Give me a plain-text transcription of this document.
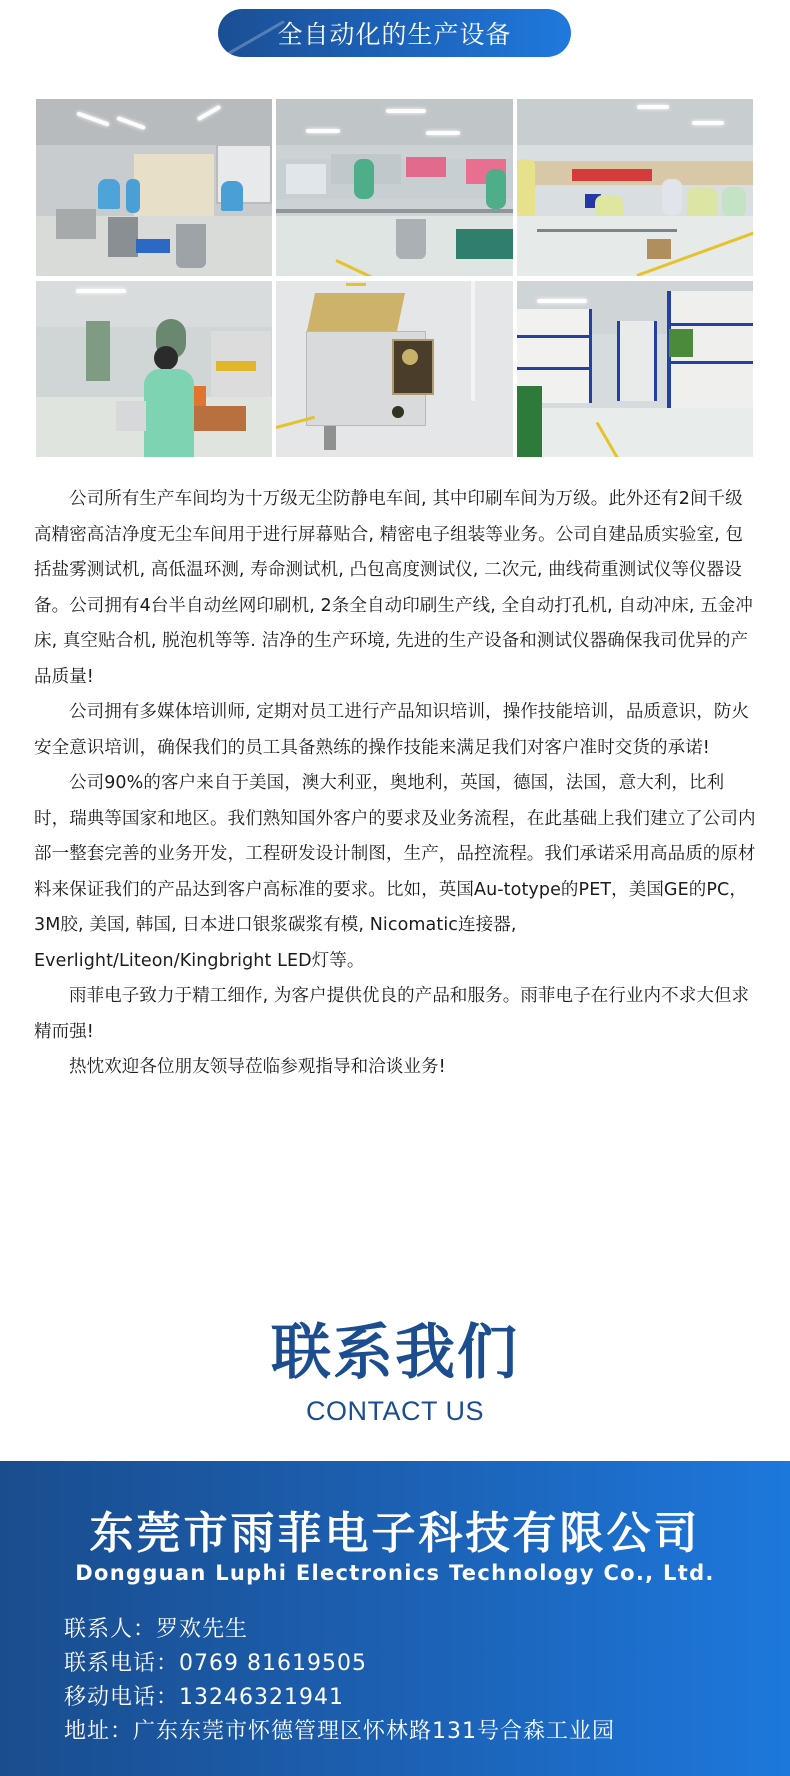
全自动化的生产设备

公司所有生产车间均为十万级无尘防静电车间, 其中印刷车间为万级。此外还有2间千级高精密高洁净度无尘车间用于进行屏幕贴合, 精密电子组装等业务。公司自建品质实验室, 包括盐雾测试机, 高低温环测, 寿命测试机, 凸包高度测试仪, 二次元, 曲线荷重测试仪等仪器设备。公司拥有4台半自动丝网印刷机, 2条全自动印刷生产线, 全自动打孔机, 自动冲床, 五金冲床, 真空贴合机, 脱泡机等等. 洁净的生产环境, 先进的生产设备和测试仪器确保我司优异的产品质量!

公司拥有多媒体培训师, 定期对员工进行产品知识培训，操作技能培训，品质意识，防火安全意识培训，确保我们的员工具备熟练的操作技能来满足我们对客户准时交货的承诺!

公司90%的客户来自于美国，澳大利亚，奥地利，英国，德国，法国，意大利，比利时，瑞典等国家和地区。我们熟知国外客户的要求及业务流程，在此基础上我们建立了公司内部一整套完善的业务开发，工程研发设计制图，生产，品控流程。我们承诺采用高品质的原材料来保证我们的产品达到客户高标准的要求。比如，英国Au-totype的PET，美国GE的PC，3M胶, 美国, 韩国, 日本进口银浆碳浆有模, Nicomatic连接器, Everlight/Liteon/Kingbright LED灯等。

雨菲电子致力于精工细作, 为客户提供优良的产品和服务。雨菲电子在行业内不求大但求精而强!

热忱欢迎各位朋友领导莅临参观指导和洽谈业务!

联系我们
CONTACT US
东莞市雨菲电子科技有限公司
Dongguan Luphi Electronics Technology Co., Ltd.
联系人：罗欢先生
联系电话：0769 81619505
移动电话：13246321941
地址：广东东莞市怀德管理区怀林路131号合森工业园
